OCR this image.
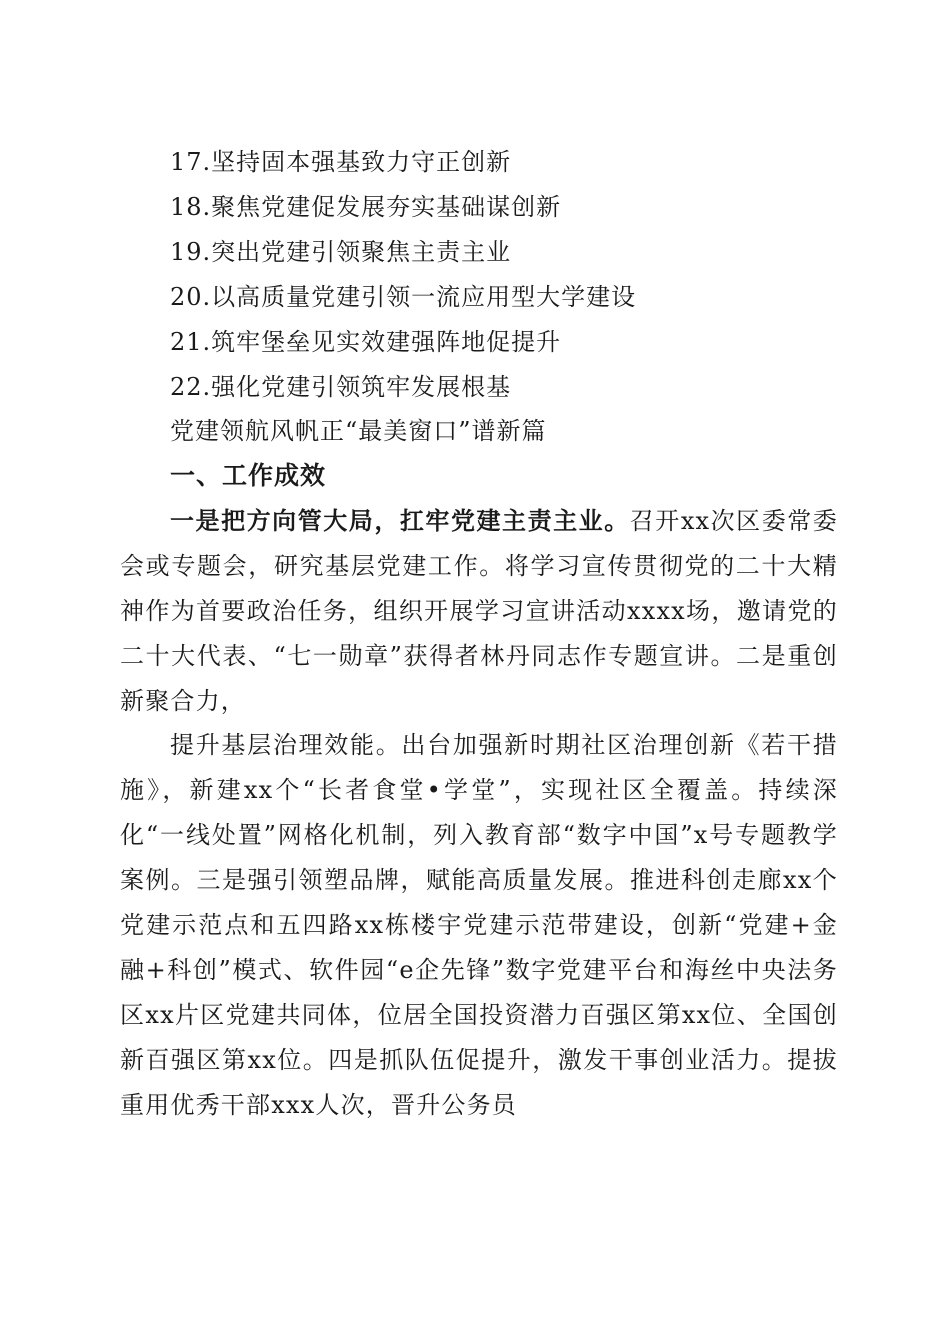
17.坚持固本强基致力守正创新
18.聚焦党建促发展夯实基础谋创新
19.突出党建引领聚焦主责主业
20.以高质量党建引领一流应用型大学建设
21.筑牢堡垒见实效建强阵地促提升
22.强化党建引领筑牢发展根基
党建领航风帆正“最美窗口”谱新篇
一、工作成效
一是把方向管大局，扛牢党建主责主业。召开xx次区委常委会或专题会，研究基层党建工作。将学习宣传贯彻党的二十大精神作为首要政治任务，组织开展学习宣讲活动xxxx场，邀请党的二十大代表、“七一勋章”获得者林丹同志作专题宣讲。二是重创新聚合力，
提升基层治理效能。出台加强新时期社区治理创新《若干措施》，新建xx个“长者食堂•学堂”，实现社区全覆盖。持续深化“一线处置”网格化机制，列入教育部“数字中国”x号专题教学案例。三是强引领塑品牌，赋能高质量发展。推进科创走廊xx个党建示范点和五四路xx栋楼宇党建示范带建设，创新“党建+金融+科创”模式、软件园“e企先锋”数字党建平台和海丝中央法务区xx片区党建共同体，位居全国投资潜力百强区第xx位、全国创新百强区第xx位。四是抓队伍促提升，激发干事创业活力。提拔重用优秀干部xxx人次，晋升公务员
